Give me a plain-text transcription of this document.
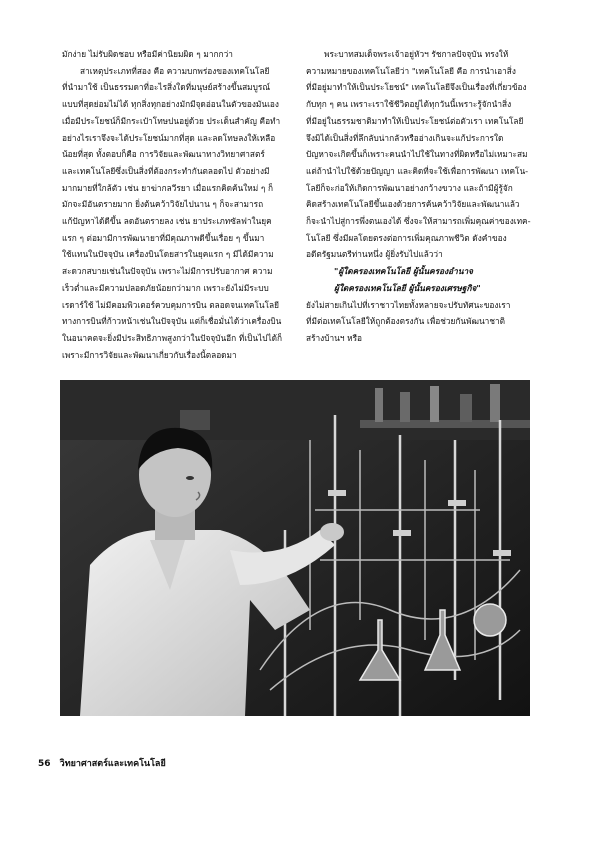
มักง่าย ไม่รับผิดชอบ หรือมีค่านิยมผิด ๆ มากกว่า
สาเหตุประเภทที่สอง คือ ความบกพร่องของเทคโนโลยี
ที่นำมาใช้ เป็นธรรมดาที่อะไรสิ่งใดที่มนุษย์สร้างขึ้นสมบูรณ์
แบบที่สุดย่อมไม่ได้ ทุกสิ่งทุกอย่างมักมีจุดอ่อนในตัวของมันเอง
เมื่อมีประโยชน์ก็มีกระเป๋าโทษปนอยู่ด้วย ประเด็นสำคัญ คือทำ
อย่างไรเราจึงจะได้ประโยชน์มากที่สุด และลดโทษลงให้เหลือ
น้อยที่สุด ทั้งตอบก็คือ การวิจัยและพัฒนาทางวิทยาศาสตร์
และเทคโนโลยีซึ่งเป็นสิ่งที่ต้องกระทำกันตลอดไป ตัวอย่างมี
มากมายที่ใกล้ตัว เช่น ยาฆ่ากลวีรยา เมื่อแรกคิดค้นใหม่ ๆ ก็
มักจะมีอันตรายมาก ยิ่งต้นคว้าวิจัยไปนาน ๆ ก็จะสามารถ
แก้ปัญหาได้ดีขึ้น ลดอันตรายลง เช่น ยาประเภทซัลฟาในยุค
แรก ๆ ต่อมามีการพัฒนายาที่มีคุณภาพดีขึ้นเรื่อย ๆ ขึ้นมา
ใช้แทนในปัจจุบัน เครื่องบินโดยสารในยุคแรก ๆ มีได้มีความ
สะดวกสบายเช่นในปัจจุบัน เพราะไม่มีการปรับอากาศ ความ
เร็วต่ำและมีความปลอดภัยน้อยกว่ามาก เพราะยังไม่มีระบบ
เรดาร์ใช้ ไม่มีคอมพิวเตอร์ควบคุมการบิน ตลอดจนเทคโนโลยี
ทางการบินที่ก้าวหน้าเช่นในปัจจุบัน แต่ก็เชื่อมั่นได้ว่าเครื่องบิน
ในอนาคตจะยิ่งมีประสิทธิภาพสูงกว่าในปัจจุบันอีก ที่เป็นไปได้ก็
เพราะมีการวิจัยและพัฒนาเกี่ยวกับเรื่องนี้ตลอดมา
พระบาทสมเด็จพระเจ้าอยู่หัวฯ รัชกาลปัจจุบัน ทรงให้
ความหมายของเทคโนโลยีว่า "เทคโนโลยี คือ การนำเอาสิ่ง
ที่มีอยู่มาทำให้เป็นประโยชน์" เทคโนโลยีจึงเป็นเรื่องที่เกี่ยวข้อง
กับทุก ๆ คน เพราะเราใช้ชีวิตอยู่ได้ทุกวันนี้เพราะรู้จักนำสิ่ง
ที่มีอยู่ในธรรมชาติมาทำให้เป็นประโยชน์ต่อตัวเรา เทคโนโลยี
จึงมิได้เป็นสิ่งที่ลึกลับน่ากลัวหรืออ่างเกินจะแก้ประการใด
ปัญหาจะเกิดขึ้นก็เพราะคนนำไปใช้ในทางที่ผิดหรือไม่เหมาะสม
แต่ถ้านำไปใช้ด้วยปัญญา และคิดที่จะใช้เพื่อการพัฒนา เทคโน-
โลยีก็จะก่อให้เกิดการพัฒนาอย่างกว้างขวาง และถ้ามีผู้รู้จัก
คิดสร้างเทคโนโลยีขึ้นเองด้วยการค้นคว้าวิจัยและพัฒนาแล้ว
ก็จะนำไปสู่การพึ่งตนเองได้ ซึ่งจะให้สามารถเพิ่มคุณค่าของเทค-
โนโลยี ซึ่งมีผลโดยตรงต่อการเพิ่มคุณภาพชีวิต ดังคำของ
อดีตรัฐมนตรีท่านหนึ่ง ผู้ยิ่งรับไปแล้วว่า
"ผู้ใดครองเทคโนโลยี ผู้นั้นครองอำนาจ
ผู้ใดครองเทคโนโลยี ผู้นั้นครองเศรษฐกิจ"
ยังไม่สายเกินไปที่เราชาวไทยทั้งหลายจะปรับทัศนะของเรา
ที่มีต่อเทคโนโลยีให้ถูกต้องตรงกัน เพื่อช่วยกันพัฒนาชาติ
สร้างบ้านฯ หรือ
56 วิทยาศาสตร์และเทคโนโลยี
